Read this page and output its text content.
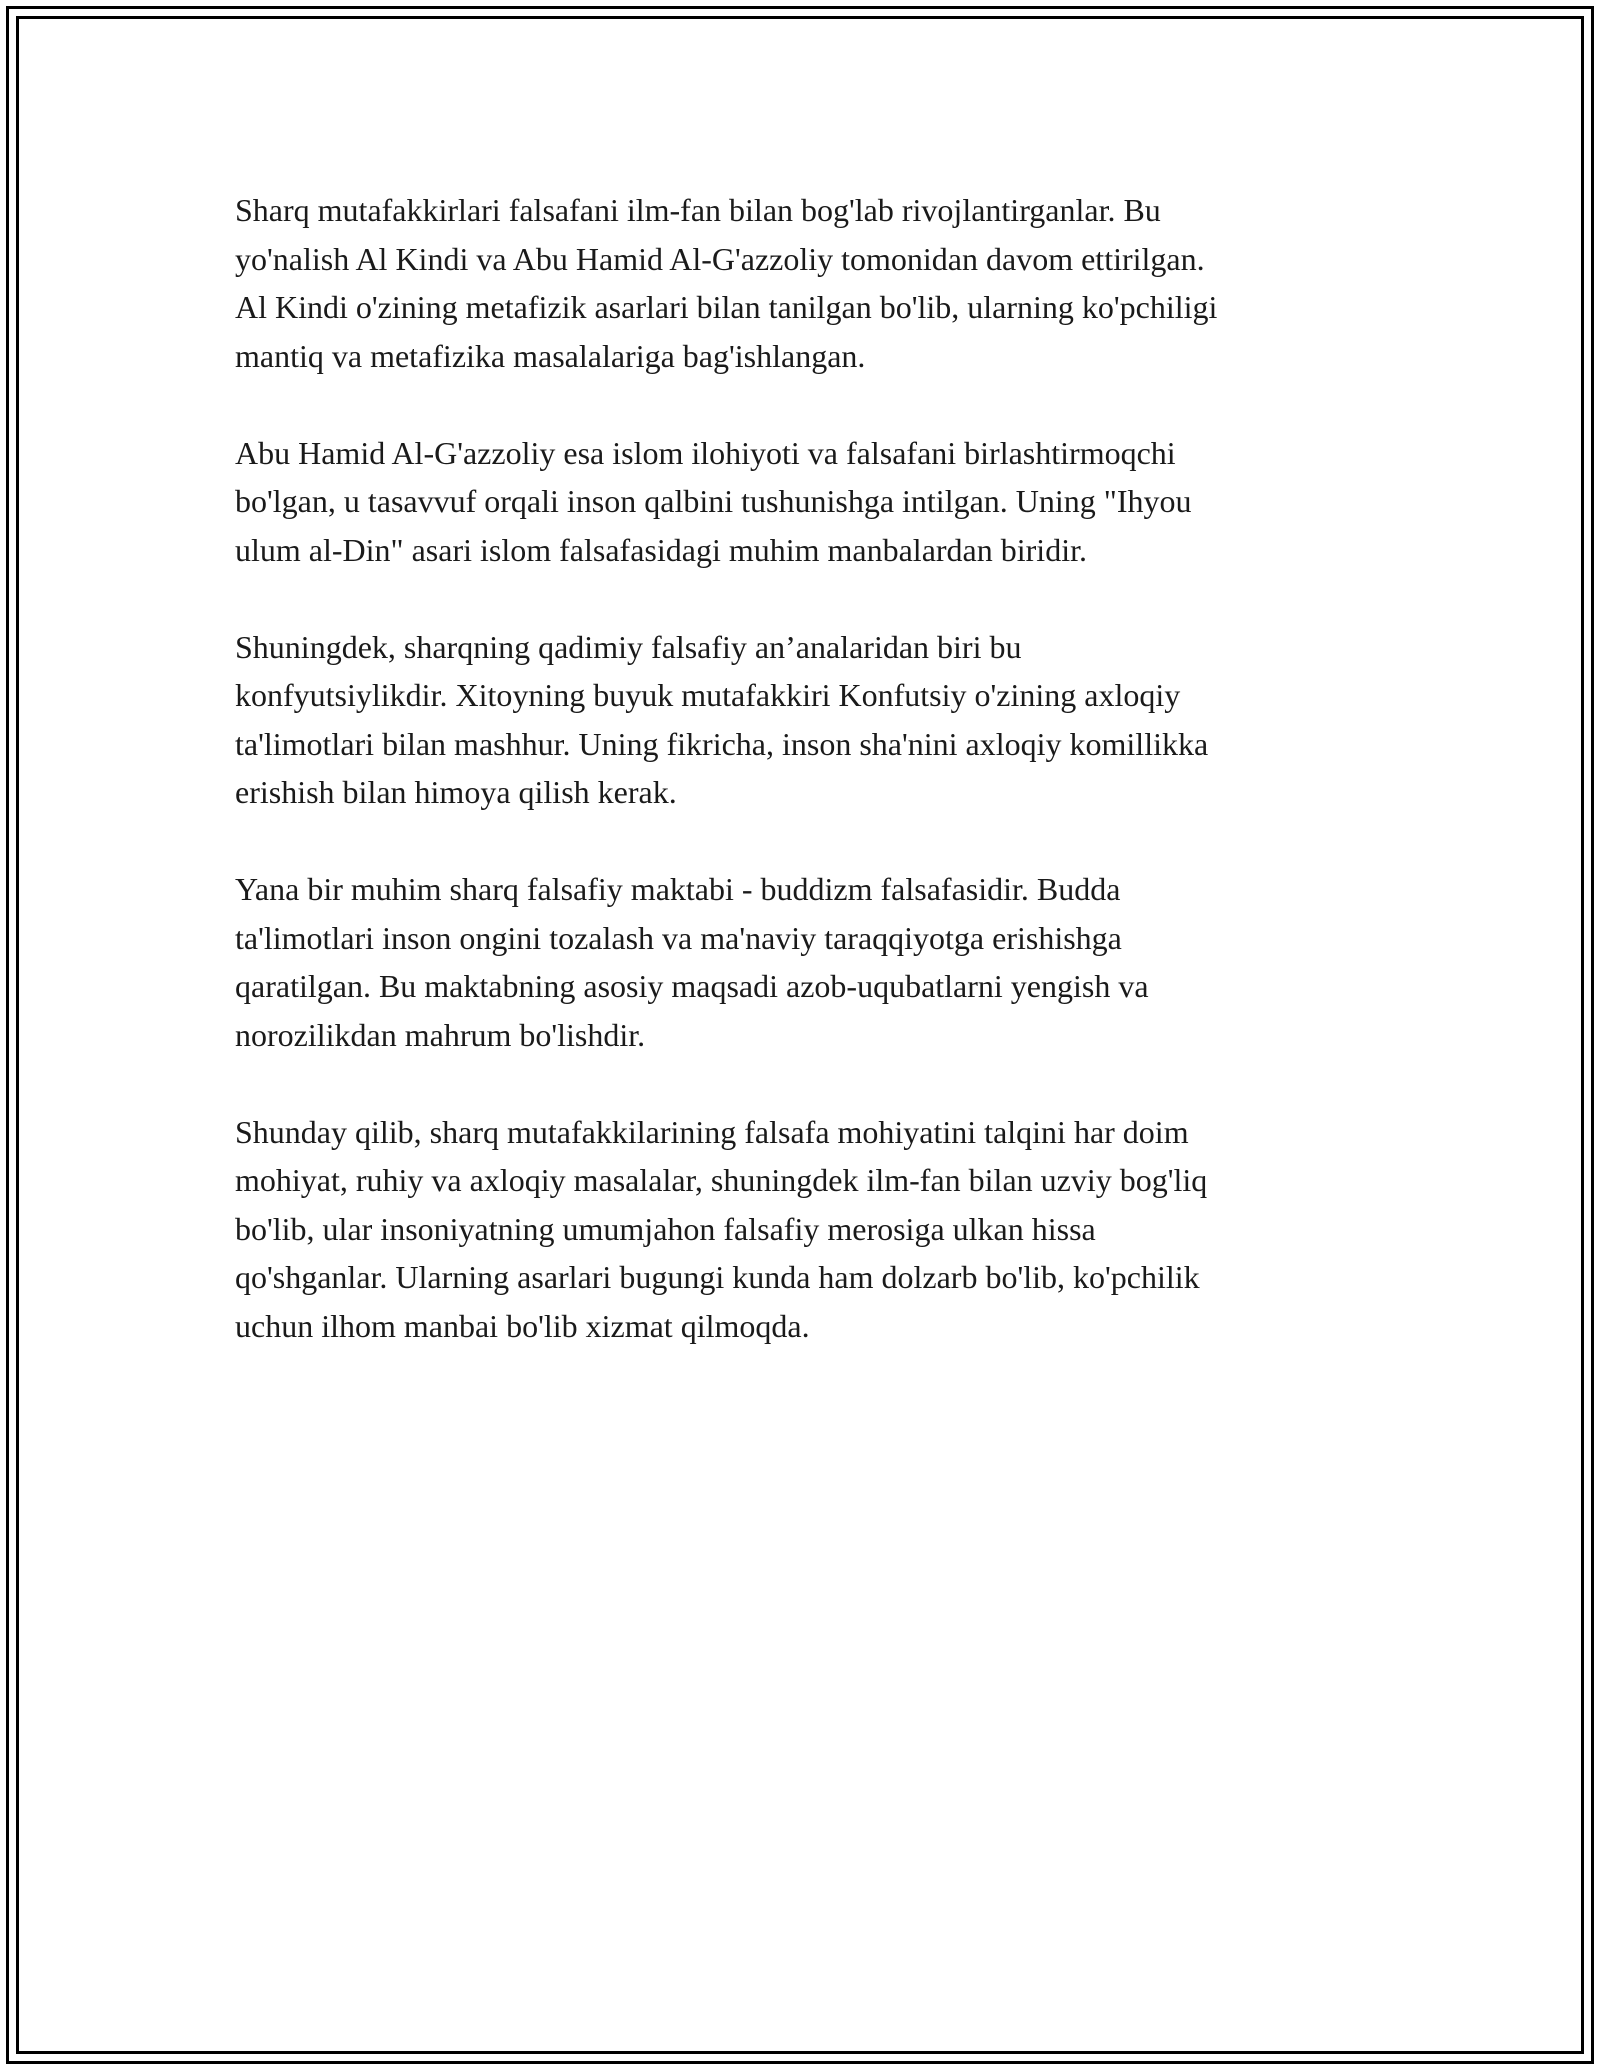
Sharq mutafakkirlari falsafani ilm-fan bilan bog'lab rivojlantirganlar. Bu
yo'nalish Al Kindi va Abu Hamid Al-G'azzoliy tomonidan davom ettirilgan.
Al Kindi o'zining metafizik asarlari bilan tanilgan bo'lib, ularning ko'pchiligi
mantiq va metafizika masalalariga bag'ishlangan.

Abu Hamid Al-G'azzoliy esa islom ilohiyoti va falsafani birlashtirmoqchi
bo'lgan, u tasavvuf orqali inson qalbini tushunishga intilgan. Uning "Ihyou
ulum al-Din" asari islom falsafasidagi muhim manbalardan biridir.

Shuningdek, sharqning qadimiy falsafiy an’analaridan biri bu
konfyutsiylikdir. Xitoyning buyuk mutafakkiri Konfutsiy o'zining axloqiy
ta'limotlari bilan mashhur. Uning fikricha, inson sha'nini axloqiy komillikka
erishish bilan himoya qilish kerak.

Yana bir muhim sharq falsafiy maktabi - buddizm falsafasidir. Budda
ta'limotlari inson ongini tozalash va ma'naviy taraqqiyotga erishishga
qaratilgan. Bu maktabning asosiy maqsadi azob-uqubatlarni yengish va
norozilikdan mahrum bo'lishdir.

Shunday qilib, sharq mutafakkilarining falsafa mohiyatini talqini har doim
mohiyat, ruhiy va axloqiy masalalar, shuningdek ilm-fan bilan uzviy bog'liq
bo'lib, ular insoniyatning umumjahon falsafiy merosiga ulkan hissa
qo'shganlar. Ularning asarlari bugungi kunda ham dolzarb bo'lib, ko'pchilik
uchun ilhom manbai bo'lib xizmat qilmoqda.
